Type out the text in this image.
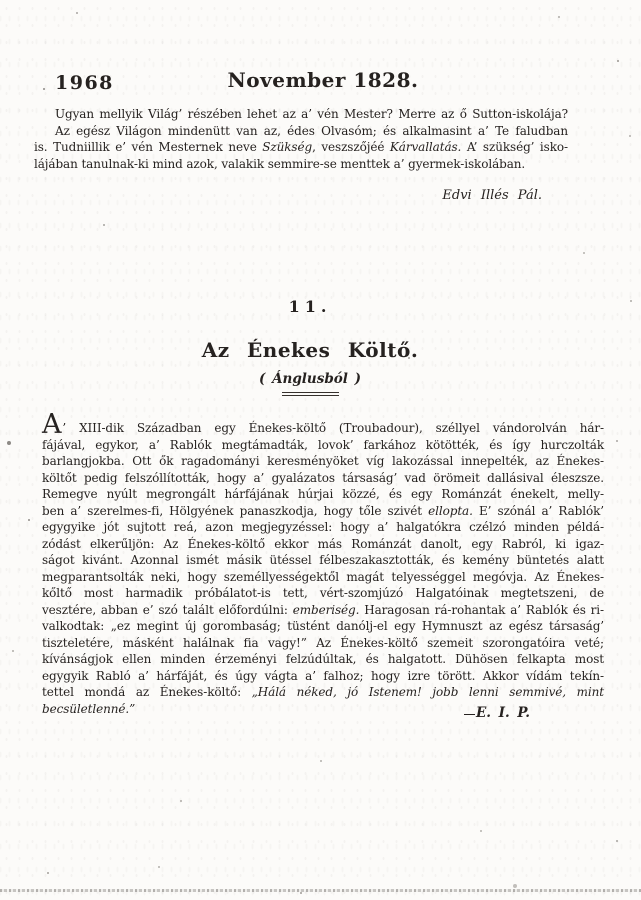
1968	November 1828.
Ugyan mellyik Világ’ részében lehet az a’ vén Mester? Merre az ő Sutton-iskolája?
Az egész Világon mindenütt van az, édes Olvasóm; és alkalmasint a’ Te faludban
is. Tudniillik e’ vén Mesternek neve Szükség, veszszőjéé Kárvallatás. A’ szükség’ isko-
lájában tanulnak-ki mind azok, valakik semmire-se menttek a’ gyermek-iskolában.
Edvi Illés Pál.
11.
Az Énekes Költő.
( Ánglusból )
A’ XIII-dik Században egy Énekes-költő (Troubadour), széllyel vándorolván hár-
fájával, egykor, a’ Rablók megtámadták, lovok’ farkához kötötték, és így hurczolták
barlangjokba. Ott ők ragadományi keresményöket víg lakozással innepelték, az Énekes-
költőt pedig felszóllították, hogy a’ gyalázatos társaság’ vad örömeit dallásival éleszsze.
Remegve nyúlt megrongált hárfájának húrjai közzé, és egy Románzát énekelt, melly-
ben a’ szerelmes-fi, Hölgyének panaszkodja, hogy tőle szivét ellopta. E’ szónál a’ Rablók’
egygyike jót sujtott reá, azon megjegyzéssel: hogy a’ halgatókra czélzó minden példá-
zódást elkerűljön: Az Énekes-költő ekkor más Románzát danolt, egy Rabról, ki igaz-
ságot kivánt. Azonnal ismét másik ütéssel félbeszakasztották, és kemény büntetés alatt
megparantsolták neki, hogy személlyességektől magát telyességgel megóvja. Az Énekes-
kőltő most harmadik próbálatot-is tett, vért-szomjúzó Halgatóinak megtetszeni, de
vesztére, abban e’ szó talált előfordúlni: emberiség. Haragosan rá-rohantak a’ Rablók és ri-
valkodtak: „ez megint új gorombaság; tüstént danólj-el egy Hymnuszt az egész társaság’
tiszteletére, másként halálnak fia vagy!” Az Énekes-költő szemeit szorongatóira veté;
kívánságjok ellen minden érzeményi felzúdúltak, és halgatott. Dühösen felkapta most
egygyik Rabló a’ hárfáját, és úgy vágta a’ falhoz; hogy izre törött. Akkor vídám tekín-
tettel mondá az Énekes-költő: „Hálá néked, jó Istenem! jobb lenni semmivé, mint becsületlenné.”	E. I. P.
